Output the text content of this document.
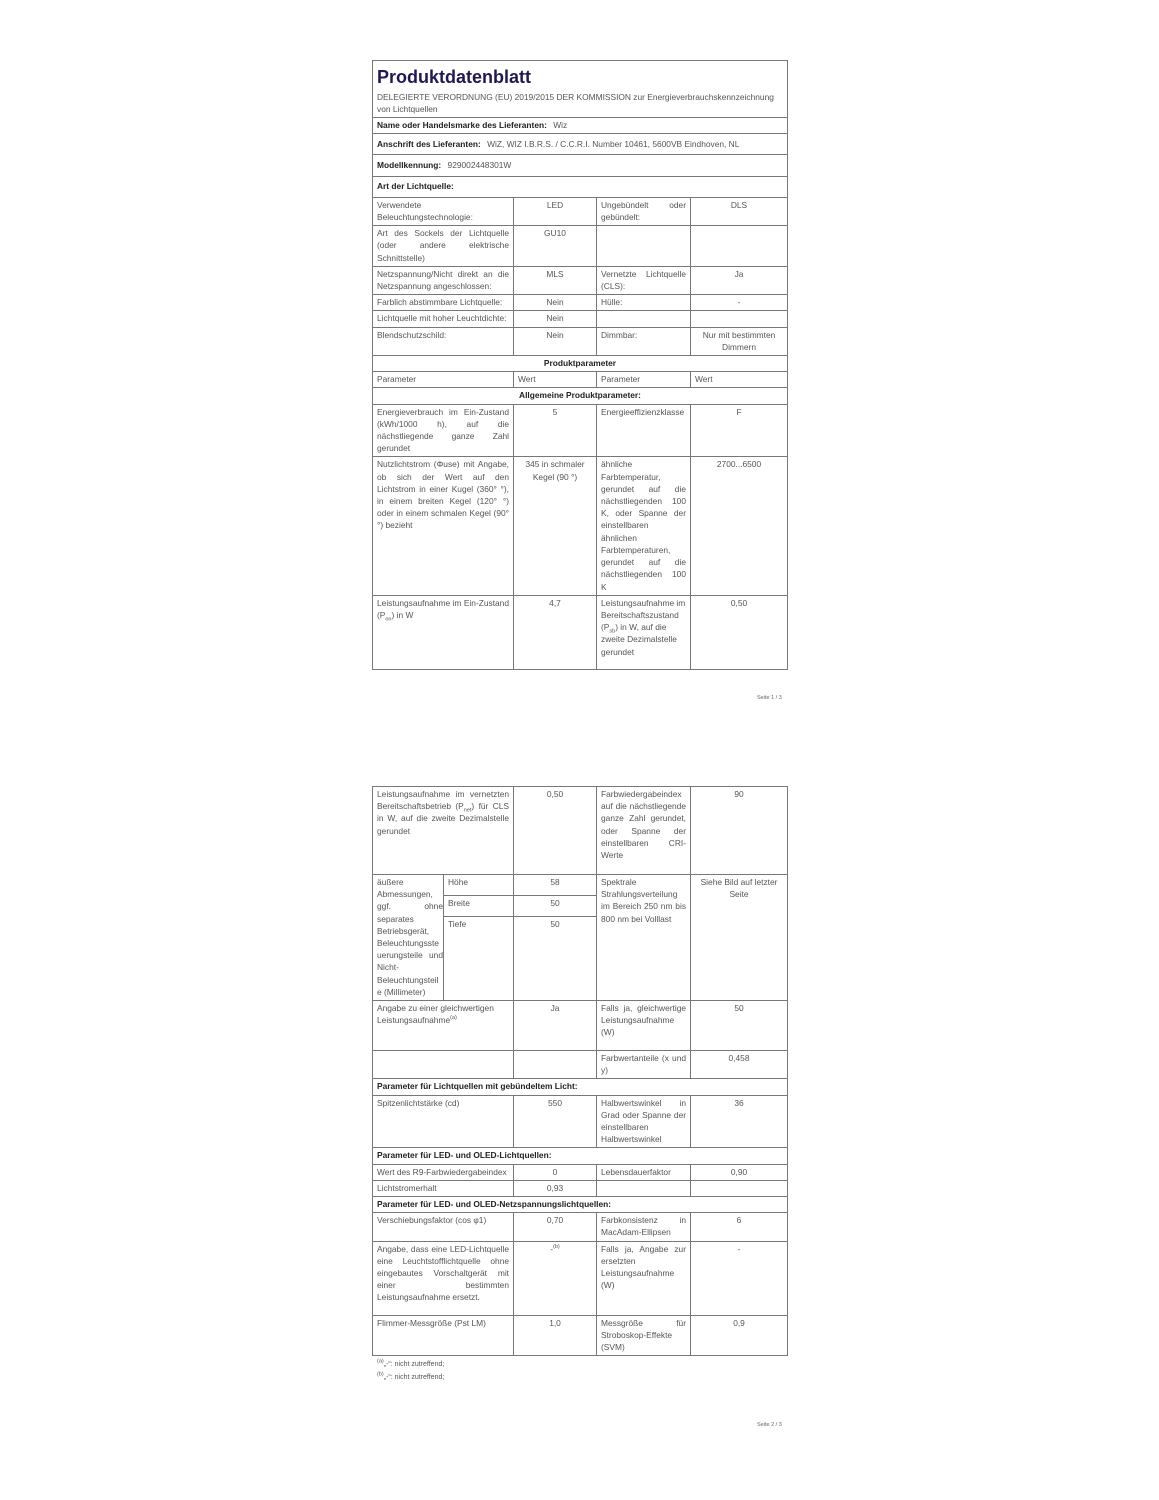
Produktdatenblatt
DELEGIERTE VERORDNUNG (EU) 2019/2015 DER KOMMISSION zur Energieverbrauchskennzeichnung von Lichtquellen			

Name oder Handelsmarke des Lieferanten: Wiz			
Anschrift des Lieferanten: WiZ, WIZ I.B.R.S. / C.C.R.I. Number 10461, 5600VB Eindhoven, NL			
Modellkennung: 929002448301W			
Art der Lichtquelle:			
Verwendete Beleuchtungstechnologie:	LED	Ungebündelt oder gebündelt:	DLS
Art des Sockels der Lichtquelle (oder andere elektrische Schnittstelle)	GU10		
Netzspannung/Nicht direkt an die Netzspannung angeschlossen:	MLS	Vernetzte Lichtquelle (CLS):	Ja
Farblich abstimmbare Lichtquelle:	Nein	Hülle:	-
Lichtquelle mit hoher Leuchtdichte:	Nein		
Blendschutzschild:	Nein	Dimmbar:	Nur mit bestimmten Dimmern
Produktparameter			
Parameter	Wert	Parameter	Wert
Allgemeine Produktparameter:			
Energieverbrauch im Ein-Zustand (kWh/1000 h), auf die nächstliegende ganze Zahl gerundet	5	Energieeffizienzklasse	F
Nutzlichtstrom (Φuse) mit Angabe, ob sich der Wert auf den Lichtstrom in einer Kugel (360° °), in einem breiten Kegel (120° °) oder in einem schmalen Kegel (90° °) bezieht	345 in schmaler Kegel (90 °)	ähnliche Farbtemperatur, gerundet auf die nächstliegenden 100 K, oder Spanne der einstellbaren ähnlichen Farbtemperaturen, gerundet auf die nächstliegenden 100 K	2700...6500
Leistungsaufnahme im Ein-Zustand $(P_{on})$ in W	4,7	Leistungsaufnahme im Bereitschaftszustand $(P_{sb})$ in W, auf die zweite Dezimalstelle gerundet	0,50
Seite 1 / 3
Leistungsaufnahme im vernetzten Bereitschaftsbetrieb $(P_{net})$ für CLS in W, auf die zweite Dezimalstelle gerundet		0,50	Farbwiedergabeindex auf die nächstliegende ganze Zahl gerundet, oder Spanne der einstellbaren CRI-Werte	90
äußere Abmessungen, ggf. ohne separates Betriebsgerät, Beleuchtungssteuerungsteile und Nicht-Beleuchtungsteile (Millimeter)	Höhe	58	Spektrale Strahlungsverteilung im Bereich 250 nm bis 800 nm bei Volllast	Siehe Bild auf letzter Seite
	Breite	50		
	Tiefe	50		
Angabe zu einer gleichwertigen Leistungsaufnahme$^{(a)}$		Ja	Falls ja, gleichwertige Leistungsaufnahme (W)	50
			Farbwertanteile (x und y)	0,458
Parameter für Lichtquellen mit gebündeltem Licht:				
Spitzenlichtstärke (cd)		550	Halbwertswinkel in Grad oder Spanne der einstellbaren Halbwertswinkel	36
Parameter für LED- und OLED-Lichtquellen:				
Wert des R9-Farbwiedergabeindex		0	Lebensdauerfaktor	0,90
Lichtstromerhalt		0,93		
Parameter für LED- und OLED-Netzspannungslichtquellen:				
Verschiebungsfaktor (cos φ1)		0,70	Farbkonsistenz in MacAdam-Ellipsen	6
Angabe, dass eine LED-Lichtquelle eine Leuchtstofflichtquelle ohne eingebautes Vorschaltgerät mit einer bestimmten Leistungsaufnahme ersetzt.		-$^{(b)}$	Falls ja, Angabe zur ersetzten Leistungsaufnahme (W)	-
Flimmer-Messgröße (Pst LM)		1,0	Messgröße für Stroboskop-Effekte (SVM)	0,9
$^{(a)}$„-“: nicht zutreffend;
$^{(b)}$„-“: nicht zutreffend;
Seite 2 / 3
